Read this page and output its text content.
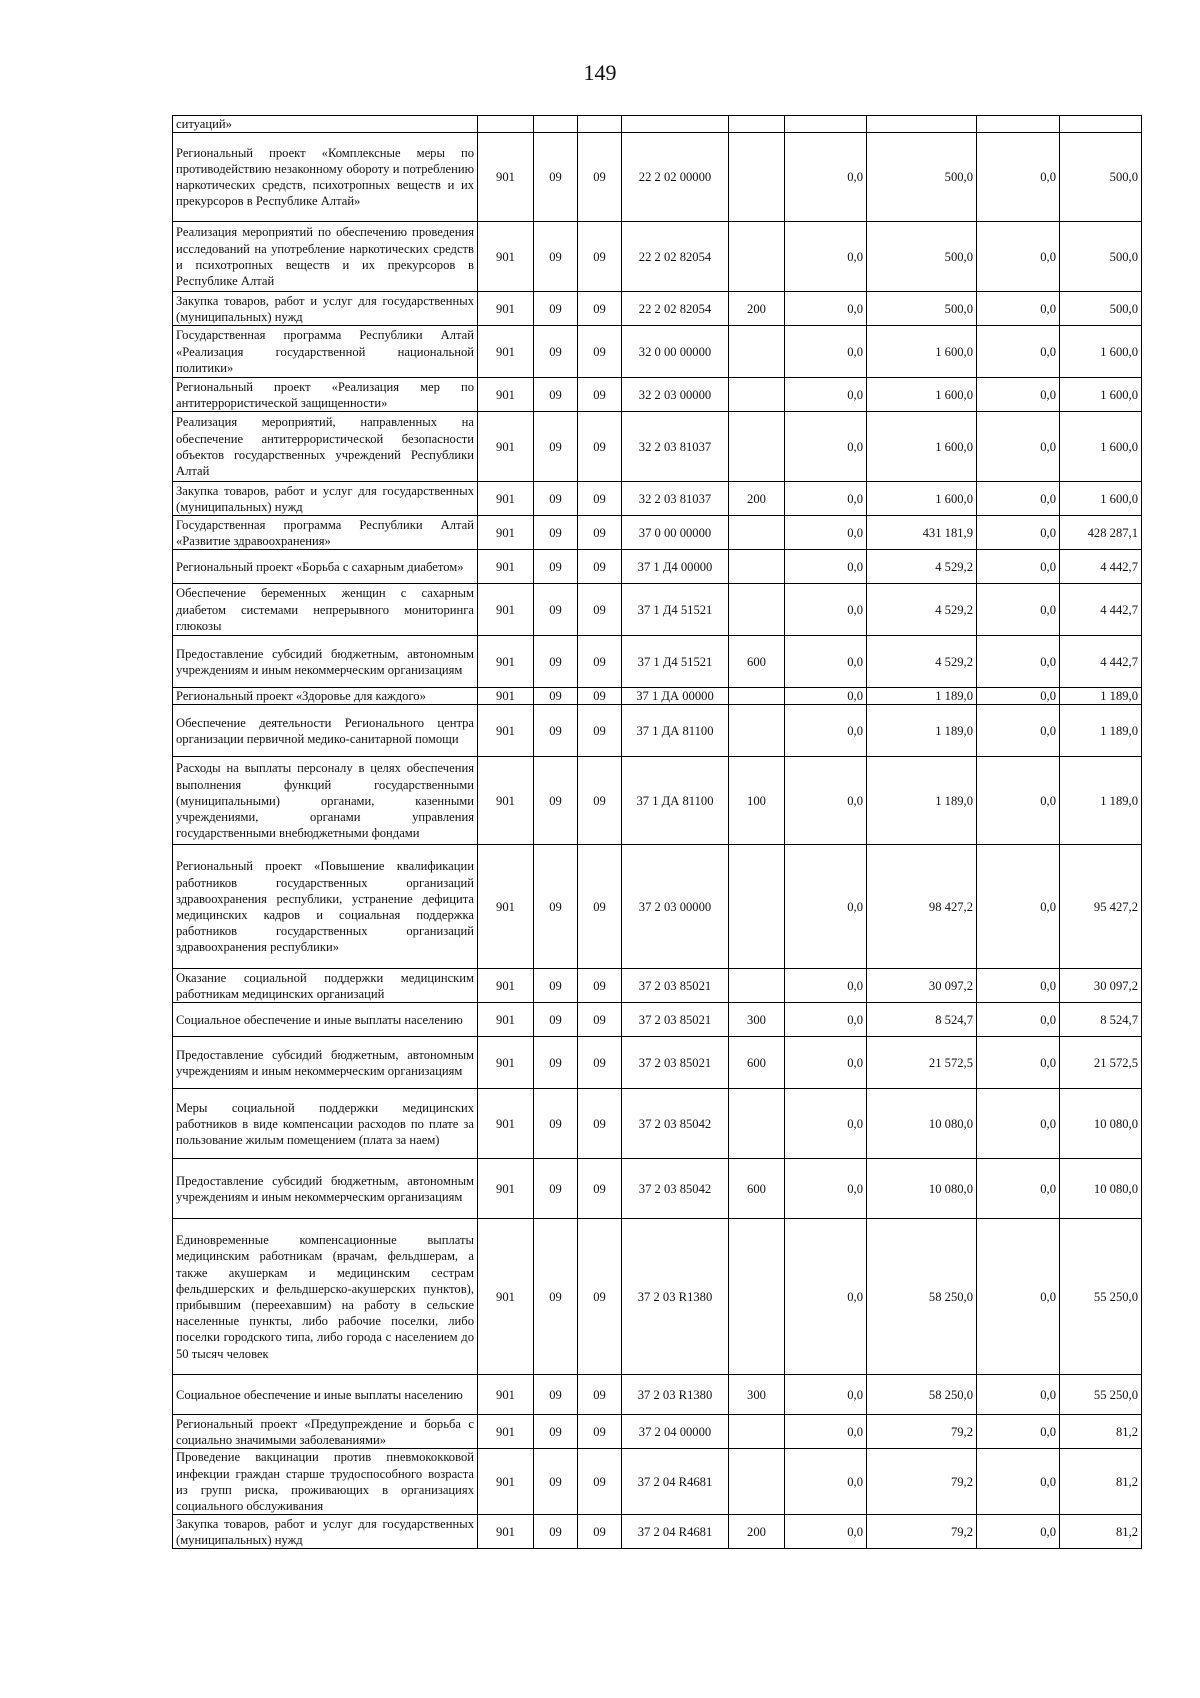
149
ситуаций»									
Региональный проект «Комплексные меры по противодействию незаконному обороту и потреблению наркотических средств, психотропных веществ и их прекурсоров в Республике Алтай»	901	09	09	22 2 02 00000		0,0	500,0	0,0	500,0
Реализация мероприятий по обеспечению проведения исследований на употребление наркотических средств и психотропных веществ и их прекурсоров в Республике Алтай	901	09	09	22 2 02 82054		0,0	500,0	0,0	500,0
Закупка товаров, работ и услуг для государственных (муниципальных) нужд	901	09	09	22 2 02 82054	200	0,0	500,0	0,0	500,0
Государственная программа Республики Алтай «Реализация государственной национальной политики»	901	09	09	32 0 00 00000		0,0	1 600,0	0,0	1 600,0
Региональный проект «Реализация мер по антитеррористической защищенности»	901	09	09	32 2 03 00000		0,0	1 600,0	0,0	1 600,0
Реализация мероприятий, направленных на обеспечение антитеррористической безопасности объектов государственных учреждений Республики Алтай	901	09	09	32 2 03 81037		0,0	1 600,0	0,0	1 600,0
Закупка товаров, работ и услуг для государственных (муниципальных) нужд	901	09	09	32 2 03 81037	200	0,0	1 600,0	0,0	1 600,0
Государственная программа Республики Алтай «Развитие здравоохранения»	901	09	09	37 0 00 00000		0,0	431 181,9	0,0	428 287,1
Региональный проект «Борьба с сахарным диабетом»	901	09	09	37 1 Д4 00000		0,0	4 529,2	0,0	4 442,7
Обеспечение беременных женщин с сахарным диабетом системами непрерывного мониторинга глюкозы	901	09	09	37 1 Д4 51521		0,0	4 529,2	0,0	4 442,7
Предоставление субсидий бюджетным, автономным учреждениям и иным некоммерческим организациям	901	09	09	37 1 Д4 51521	600	0,0	4 529,2	0,0	4 442,7
Региональный проект «Здоровье для каждого»	901	09	09	37 1 ДА 00000		0,0	1 189,0	0,0	1 189,0
Обеспечение деятельности Регионального центра организации первичной медико-санитарной помощи	901	09	09	37 1 ДА 81100		0,0	1 189,0	0,0	1 189,0
Расходы на выплаты персоналу в целях обеспечения выполнения функций государственными (муниципальными) органами, казенными учреждениями, органами управления государственными внебюджетными фондами	901	09	09	37 1 ДА 81100	100	0,0	1 189,0	0,0	1 189,0
Региональный проект «Повышение квалификации работников государственных организаций здравоохранения республики, устранение дефицита медицинских кадров и социальная поддержка работников государственных организаций здравоохранения республики»	901	09	09	37 2 03 00000		0,0	98 427,2	0,0	95 427,2
Оказание социальной поддержки медицинским работникам медицинских организаций	901	09	09	37 2 03 85021		0,0	30 097,2	0,0	30 097,2
Социальное обеспечение и иные выплаты населению	901	09	09	37 2 03 85021	300	0,0	8 524,7	0,0	8 524,7
Предоставление субсидий бюджетным, автономным учреждениям и иным некоммерческим организациям	901	09	09	37 2 03 85021	600	0,0	21 572,5	0,0	21 572,5
Меры социальной поддержки медицинских работников в виде компенсации расходов по плате за пользование жилым помещением (плата за наем)	901	09	09	37 2 03 85042		0,0	10 080,0	0,0	10 080,0
Предоставление субсидий бюджетным, автономным учреждениям и иным некоммерческим организациям	901	09	09	37 2 03 85042	600	0,0	10 080,0	0,0	10 080,0
Единовременные компенсационные выплаты медицинским работникам (врачам, фельдшерам, а также акушеркам и медицинским сестрам фельдшерских и фельдшерско-акушерских пунктов), прибывшим (переехавшим) на работу в сельские населенные пункты, либо рабочие поселки, либо поселки городского типа, либо города с населением до 50 тысяч человек	901	09	09	37 2 03 R1380		0,0	58 250,0	0,0	55 250,0
Социальное обеспечение и иные выплаты населению	901	09	09	37 2 03 R1380	300	0,0	58 250,0	0,0	55 250,0
Региональный проект «Предупреждение и борьба с социально значимыми заболеваниями»	901	09	09	37 2 04 00000		0,0	79,2	0,0	81,2
Проведение вакцинации против пневмококковой инфекции граждан старше трудоспособного возраста из групп риска, проживающих в организациях социального обслуживания	901	09	09	37 2 04 R4681		0,0	79,2	0,0	81,2
Закупка товаров, работ и услуг для государственных (муниципальных) нужд	901	09	09	37 2 04 R4681	200	0,0	79,2	0,0	81,2
